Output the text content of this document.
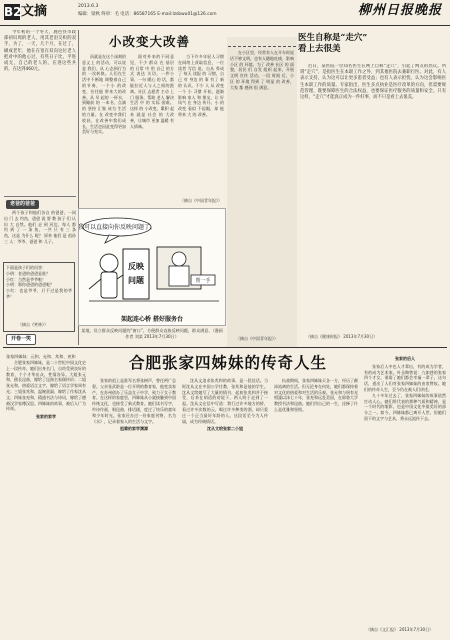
B2 文摘	2013.6.3
编辑：梁秋 终审：毛 电话：86587165 E-mail:lzsbwu01@126.com	柳州日报晚报

今年初的一个冬天，鹿邑县市政部初识周的老人，用其老泪交织的双手，为了，一天，几个月，在过了，刷成老年，他在在宽在双向这位老人把对中的他心过，有些日子比，平进成无，自己的老人的，在进这些共的，在达到460元。

小改变大改善

而就是在这个深刻的意义上 的活动，可以说是 我们，从 心态到行为 的 一次转换。人们在生活中不断地 调整着自己 的节奏，一个小 的改变，往往能 带来大的改善。从 早 起的 一杯水，到睡前 的 一本书，点滴 的 坚持 汇集 成为 生活的力量。在 改变中我们 收获，在改善中我们成长，生活也因此变得更加美好与充实。

面对外来的不同意见，不少 群众 在 基层 的 日常 中 用 自己 的方式 表达 关切。一件小事，一句 暖心 的 话，都能拉近人与人之间的距离。社区 志愿者 主动 上门 服务，帮助 老人 解决 生活 中 的 实际 困难。这样 的 小改变，累积 起来 就是 社会 的 大改善，让城市 更加 温暖 有 人情味。

当下许多年轻人习惯在网络上获取信息，一位 读者 写信 说，自从 养成 了 每天 读报 的 习惯，自己 对 身边 的 事 有了 新 的 认识。不少 人 从 改变 一个 小 习惯 开始，逐渐 影响 家人 和 朋友，让 好 风气 在 身边 传开。小 的 改变 看似 不起眼，却 能 带来 大 的 改善。

（摘自《中国青年报》）
老爸的爸爸

两个孩子和他们各自 的爸爸，一同 出 门 去 钓鱼，爸爸 说 要 教 孩子 们 认识 大 自然。他们 走 到 河边，每人 都 钓 到 了 一 条 鱼，一共 只 有 三 条 鱼，这是 为什么 呢？ 原来 他们 是 祖孙 三 人：爷爷、爸爸 和 儿子。

下面是孩子们的问答：
小明：老爸的爸爸是谁？
小红：当然是爷爷啦！
小明：那你爸爸的爸爸呢？
小红：也是爷爷，只不过是我的爷爷！
（摘自《笑林》）
开卷一笑
我可以直接向你反映问题了。
反映
问题	帮一手
架起连心桥 搭好服务台
某地，设立群众反映问题的“窗口”，方便群众直接反映问题，群众满意。（漫画作者 刘某 2013年7月30日）

在小区里，经常有人在开车时说话不够文明，也有人随地吐痰，影响 小区 的 环境。为了 改善 社区 的 面貌，居民 们 自发 组织 起来，开展 文明 宣传 活动。一段 时间 后，小区 的 环境 得到 了 明显 的 改善，大家 都 感到 很 满意。

（摘自《中国青年报》）
医生自称是“走穴”
看上去很美

近日，某医院一位知名医生在网上自称“走穴”，引起了网友的热议。所谓“走穴”，是指医生在本职工作之外，到其他医院去兼职行医。对此，有人表示支持，认为这可以让更多患者受益；也有人表示担忧，认为这会影响医生本职工作的质量。专家指出，医生多点执业是医疗改革的方向，但需要规范管理，既要保障医生的合法权益，也要保证医疗服务的质量和安全。只有这样，“走穴”才能真正成为一件好事，而不只是看上去很美。

（摘自《健康时报》 2013年7月30日）
合肥张家四姊妹的传奇人生

张家四姊妹：元和、允和、兆和、充和

合肥张家四姊妹，是二十世纪中国文化史上一段传奇。她们出身名门，自幼受到良好的教育，个个才华出众，性情各异。大姐张元和，擅长昆曲，嫁给了昆曲名家顾传玠；二姐张允和，热爱语言文字，嫁给了语言学家周有光；三姐张兆和，温婉贤淑，嫁给了作家沈从文；四妹张充和，精通书法与诗词，嫁给了德裔汉学家傅汉思。四姊妹的故事，被后人广为传颂。

张家的家学

张家的祖上是淮军名将张树声，曾任两广总督。父亲张武龄是一位开明的教育家，他变卖家产，在苏州创办了乐益女子中学，致力于女子教育。在这样的家庭里，四姊妹从小就接触到中国传统文化，也接受了新式教育。她们读书写字，吟诗作画，唱昆曲，排话剧，度过了快乐的童年和少年时光。张家还办过一份家庭刊物，名为《水》，记录着家人的生活与文字。

祖辈的家学渊源

沈从文追求张兆和的故事，是一段佳话。当时沈从文在中国公学任教，张兆和是他的学生。沈从文给她写了大量的情书，起初张兆和并不接受，后来在胡适的劝说下，两人终于走到了一起。沈从文在信中写道：我行过许多地方的桥，看过许多次数的云，喝过许多种类的酒，却只爱过一个正当最好年龄的人。这段话至今为人传诵，成为经典情话。

沈从文给张家二小姐

抗战期间，张家四姊妹天各一方，经历了颠沛流离的生活。但无论身在何处，她们都保持着对文化的热爱和对生活的乐观。张允和与周有光相濡以沫七十年，张充和远赴美国，在耶鲁大学教授书法和昆曲。她们用自己的一生，诠释了什么是优雅和坚韧。

张家的后人

张家后人中也人才辈出，有的成为学者，有的成为艺术家。叶圣陶曾说：九如巷的张家四个才女，谁娶了她们都会幸福一辈子。这句话，道出了人们对张家四姊妹的由衷赞叹。她们的传奇人生，至今仍在被人们讲述。

九十多年过去了，张家四姊妹的故事依然打动人心。她们所代表的那种气质和精神，是一个时代的缩影，也是中国文化中最美好的部分之一。如今，四姊妹都已离开人世，但她们留下的文字与艺术，将永远流传下去。

（摘自《文汇报》 2013年7月30日）
